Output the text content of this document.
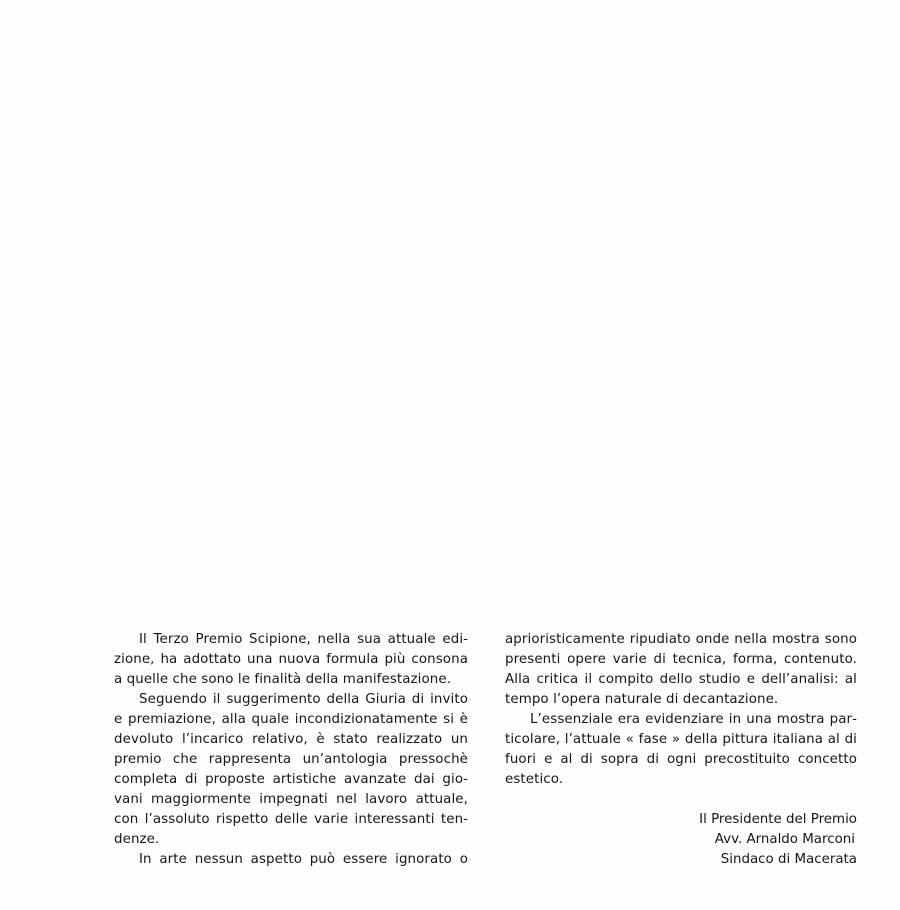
Il Terzo Premio Scipione, nella sua attuale edizione, ha adottato una nuova formula più consona a quelle che sono le finalità della manifestazione.

Seguendo il suggerimento della Giuria di invito e premiazione, alla quale incondizionatamente si è devoluto l’incarico relativo, è stato realizzato un premio che rappresenta un’antologia pressochè completa di proposte artistiche avanzate dai giovani maggiormente impegnati nel lavoro attuale, con l’assoluto rispetto delle varie interessanti tendenze.

In arte nessun aspetto può essere ignorato o

aprioristicamente ripudiato onde nella mostra sono presenti opere varie di tecnica, forma, contenuto. Alla critica il compito dello studio e dell’analisi: al tempo l’opera naturale di decantazione.

L’essenziale era evidenziare in una mostra particolare, l’attuale « fase » della pittura italiana al di fuori e al di sopra di ogni precostituito concetto estetico.

Il Presidente del Premio
Avv. Arnaldo Marconi
Sindaco di Macerata
